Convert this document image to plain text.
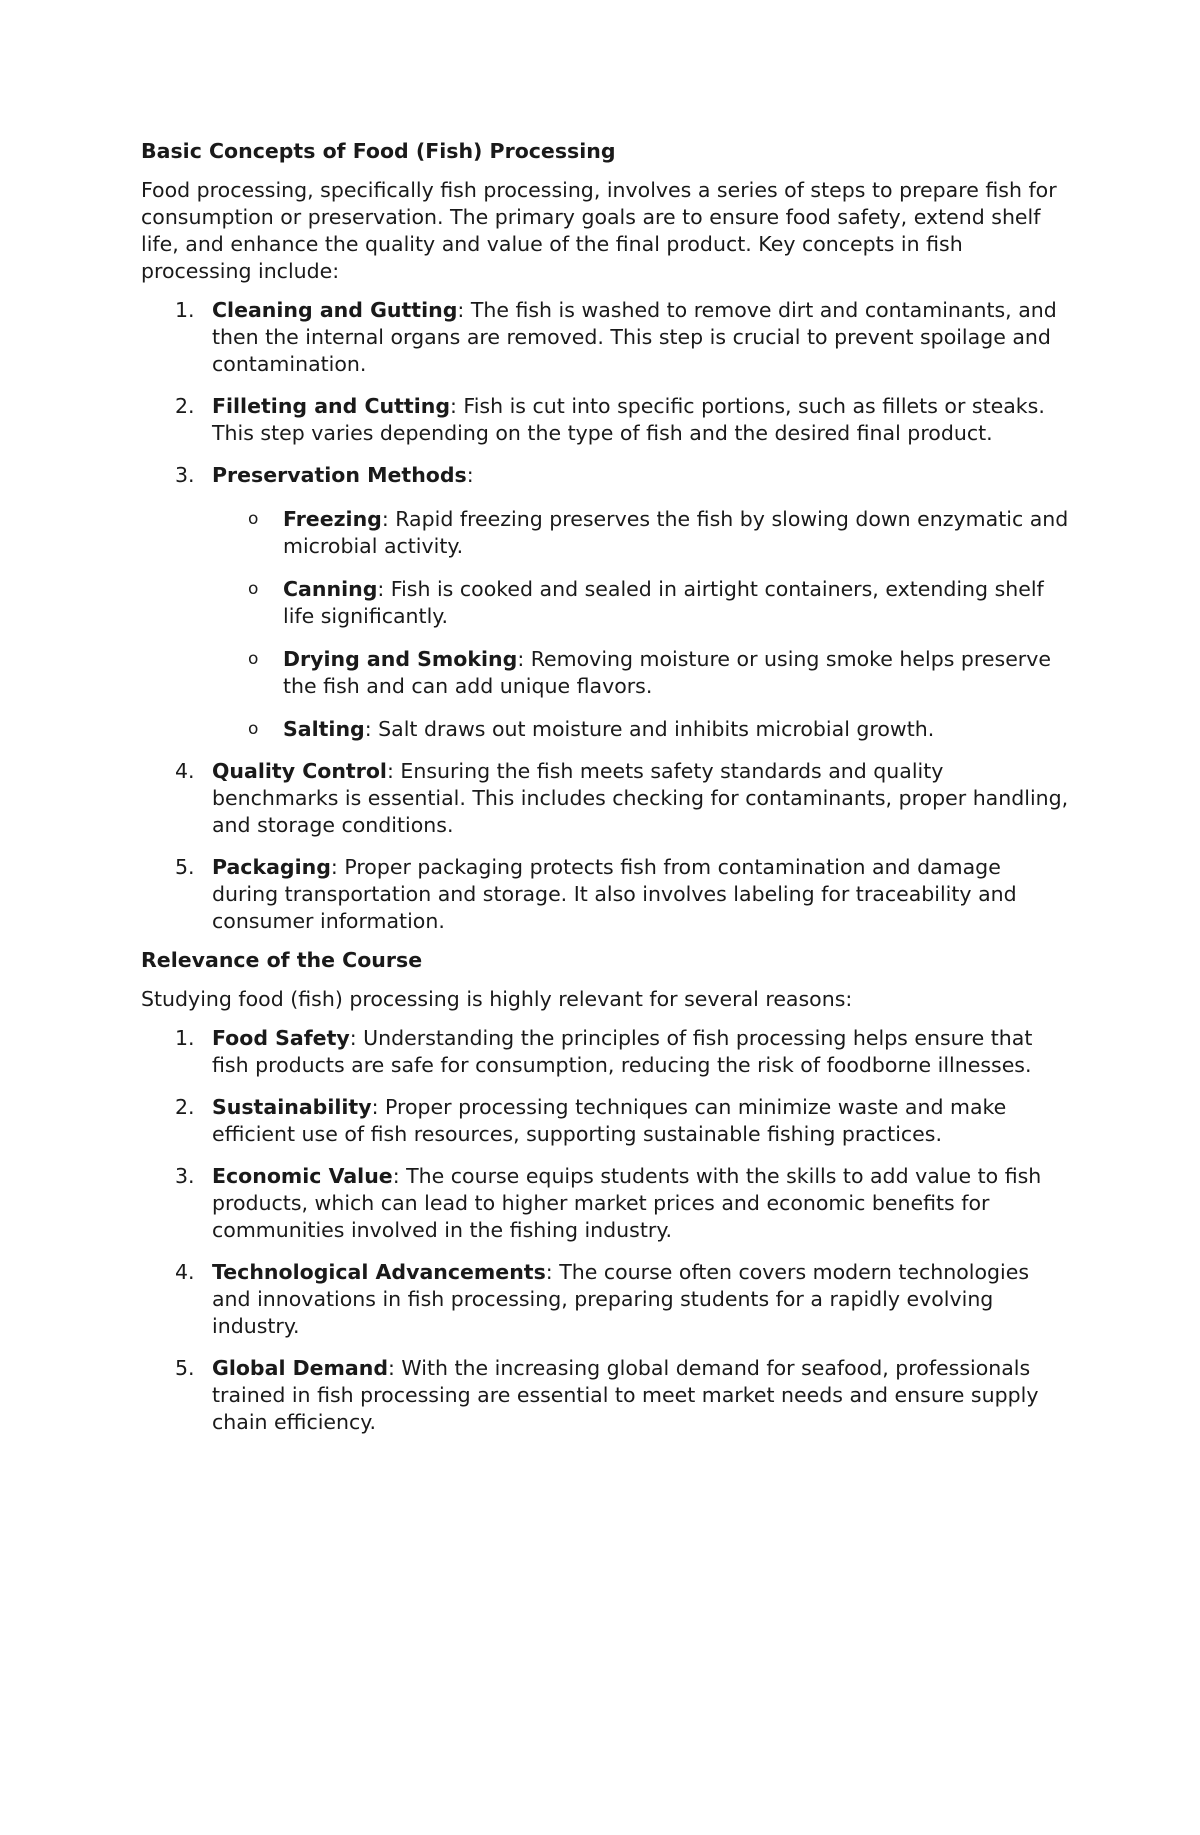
Basic Concepts of Food (Fish) Processing
Food processing, specifically fish processing, involves a series of steps to prepare fish for consumption or preservation. The primary goals are to ensure food safety, extend shelf life, and enhance the quality and value of the final product. Key concepts in fish processing include:
1. Cleaning and Gutting: The fish is washed to remove dirt and contaminants, and then the internal organs are removed. This step is crucial to prevent spoilage and contamination.
2. Filleting and Cutting: Fish is cut into specific portions, such as fillets or steaks. This step varies depending on the type of fish and the desired final product.
3. Preservation Methods:
o Freezing: Rapid freezing preserves the fish by slowing down enzymatic and microbial activity.
o Canning: Fish is cooked and sealed in airtight containers, extending shelf life significantly.
o Drying and Smoking: Removing moisture or using smoke helps preserve the fish and can add unique flavors.
o Salting: Salt draws out moisture and inhibits microbial growth.
4. Quality Control: Ensuring the fish meets safety standards and quality benchmarks is essential. This includes checking for contaminants, proper handling, and storage conditions.
5. Packaging: Proper packaging protects fish from contamination and damage during transportation and storage. It also involves labeling for traceability and consumer information.
Relevance of the Course
Studying food (fish) processing is highly relevant for several reasons:
1. Food Safety: Understanding the principles of fish processing helps ensure that fish products are safe for consumption, reducing the risk of foodborne illnesses.
2. Sustainability: Proper processing techniques can minimize waste and make efficient use of fish resources, supporting sustainable fishing practices.
3. Economic Value: The course equips students with the skills to add value to fish products, which can lead to higher market prices and economic benefits for communities involved in the fishing industry.
4. Technological Advancements: The course often covers modern technologies and innovations in fish processing, preparing students for a rapidly evolving industry.
5. Global Demand: With the increasing global demand for seafood, professionals trained in fish processing are essential to meet market needs and ensure supply chain efficiency.
